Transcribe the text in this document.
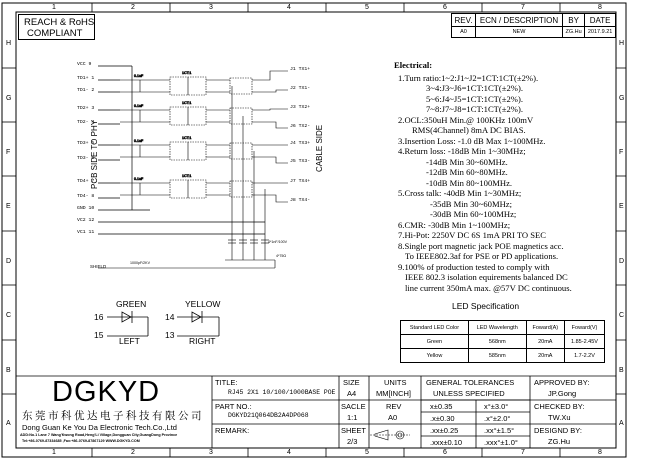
0.1uF
1CT:1
0.1uF
1CT:1
0.1uF
1CT:1
0.1uF
1CT:1
1	2	3	4	5	6	7	8
1	2	3	4	5	6	7	8
H
G
F
E
D
C
B
A
H
G
F
E
D
C
B
A
REACH & RoHS
COMPLIANT
REV.	ECN / DESCRIPTION	BY	DATE
A0	NEW	ZG.Hu	2017.9.21
VCC 9
TD1+ 1
TD1- 2
TD2+ 3
TD2- 4
TD3+ 5
TD3- 6
TD4+ 7
TD4- 8
GND 10
VC2 12
VC1 11
J1 TX1+
J2 TX1-
J3 TX2+
J6 TX2-
J4 TX3+
J5 TX3-
J7 TX4+
J8 TX4-
PCB SIDE TO PHY	CABLE SIDE
4*1nF/100V
4*75Ω
SHIELD
1000pF/2KV
GREEN
16
15
LEFT
YELLOW
14
13
RIGHT
Electrical:
1.Turn ratio:1~2:J1~J2=1CT:1CT(±2%).
3~4:J3~J6=1CT:1CT(±2%).
5~6:J4~J5=1CT:1CT(±2%).
7~8:J7~J8=1CT:1CT(±2%).
2.OCL:350uH Min.@ 100KHz 100mV
RMS(4Channel) 8mA DC BIAS.
3.Insertion Loss: -1.0 dB Max 1~100MHz.
4.Return loss: -18dB Min 1~30MHz;
-14dB Min 30~60MHz.
-12dB Min 60~80MHz.
-10dB Min 80~100MHz.
5.Cross talk: -40dB Min 1~30MHz;
-35dB Min 30~60MHz;
-30dB Min 60~100MHz;
6.CMR: -30dB Min 1~100MHz;
7.Hi-Pot: 2250V DC 6S 1mA PRI TO SEC
8.Single port magnetic jack POE magnetics acc.
To IEEE802.3af for PSE or PD applications.
9.100% of production tested to comply with
IEEE 802.3 isolation equirements balanced DC
line current 350mA max. @57V DC continuous.
LED Specification
Standard LED Color	LED Wavelength	Foward(A)	Foward(V)
Green	568nm	20mA	1.85-2.45V
Yellow	585nm	20mA	1.7-2.2V
DGKYD
东莞市科优达电子科技有限公司
Dong Guan Ke You Da Electronic Tech.Co.,Ltd
ADD:No.1 Lane 7 Wang'Kwong Road,Heng'Li Village,Dongguan City,GuangDong Province
Tel:+86-0769-87334685 ,Fax:+86-0769-87867129 WWW.DGKYD.COM
TITLE:
RJ45 2X1 10/100/1000BASE POE
PART NO.:
DGKYD21Q064DB2A4DP068
REMARK:
SIZE
A4
SACLE
1:1
SHEET
2/3
UNITS
MM[INCH]
REV
A0
GENERAL TOLERANCES
UNLESS SPECIFIED
x±0.35	x°±3.0°
.x±0.30	.x°±2.0°
.xx±0.25	.xx°±1.5°
.xxx±0.10	.xxx°±1.0°
APPROVED BY:
JP.Gong
CHECKED BY:
TW.Xu
DESIGND BY:
ZG.Hu
